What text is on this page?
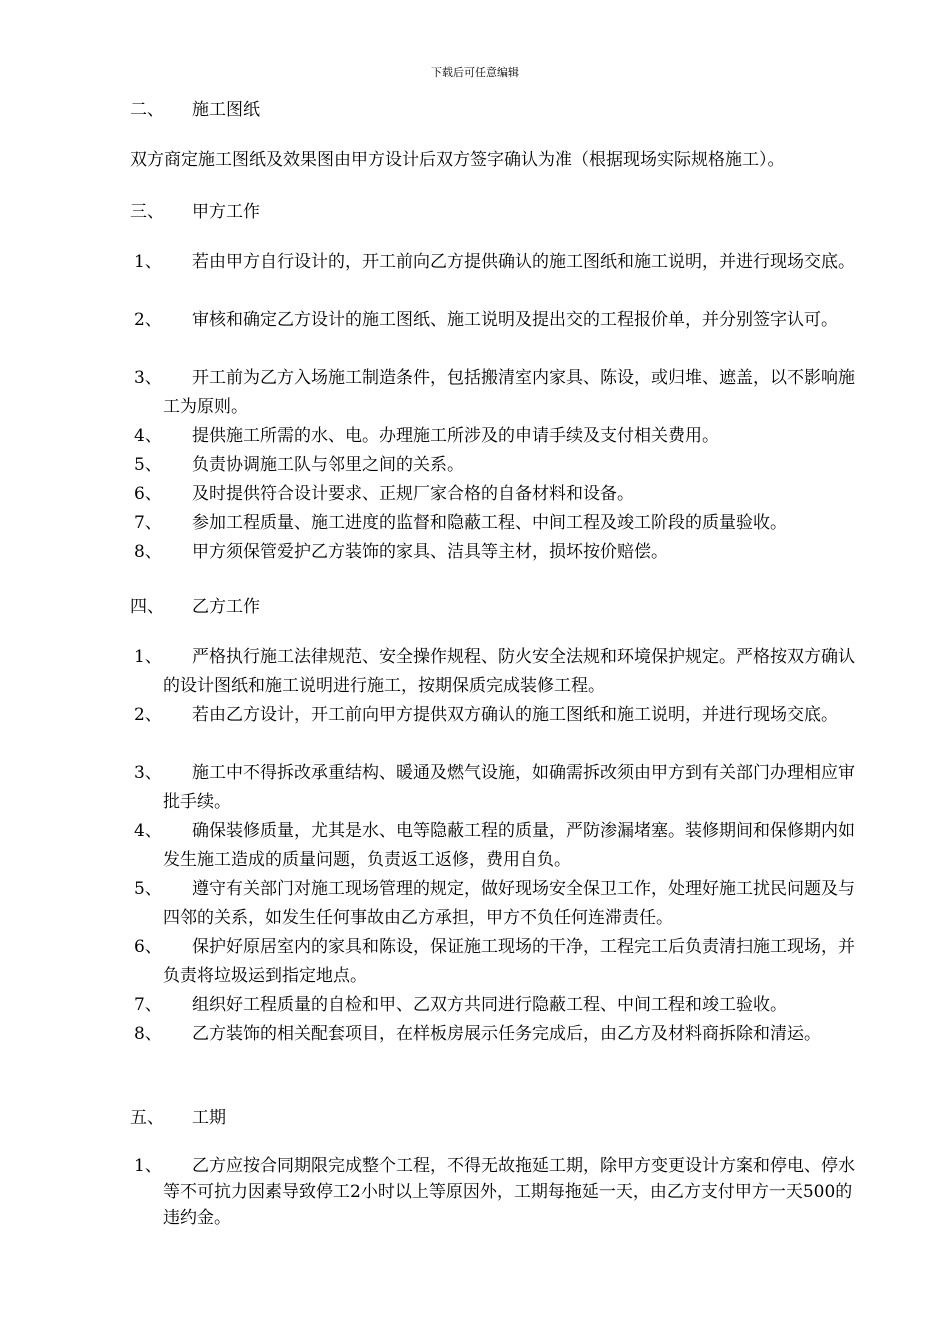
下载后可任意编辑
二、 施工图纸
双方商定施工图纸及效果图由甲方设计后双方签字确认为准（根据现场实际规格施工）。
三、 甲方工作
1、	若由甲方自行设计的，开工前向乙方提供确认的施工图纸和施工说明，并进行现场交底。
2、	审核和确定乙方设计的施工图纸、施工说明及提出交的工程报价单，并分别签字认可。
3、	开工前为乙方入场施工制造条件，包括搬清室内家具、陈设，或归堆、遮盖，以不影响施工为原则。
4、	提供施工所需的水、电。办理施工所涉及的申请手续及支付相关费用。
5、	负责协调施工队与邻里之间的关系。
6、	及时提供符合设计要求、正规厂家合格的自备材料和设备。
7、	参加工程质量、施工进度的监督和隐蔽工程、中间工程及竣工阶段的质量验收。
8、	甲方须保管爱护乙方装饰的家具、洁具等主材，损坏按价赔偿。
四、 乙方工作
1、	严格执行施工法律规范、安全操作规程、防火安全法规和环境保护规定。严格按双方确认的设计图纸和施工说明进行施工，按期保质完成装修工程。
2、	若由乙方设计，开工前向甲方提供双方确认的施工图纸和施工说明，并进行现场交底。
3、	施工中不得拆改承重结构、暖通及燃气设施，如确需拆改须由甲方到有关部门办理相应审批手续。
4、	确保装修质量，尤其是水、电等隐蔽工程的质量，严防渗漏堵塞。装修期间和保修期内如发生施工造成的质量问题，负责返工返修，费用自负。
5、	遵守有关部门对施工现场管理的规定，做好现场安全保卫工作，处理好施工扰民问题及与四邻的关系，如发生任何事故由乙方承担，甲方不负任何连滞责任。
6、	保护好原居室内的家具和陈设，保证施工现场的干净，工程完工后负责清扫施工现场，并负责将垃圾运到指定地点。
7、	组织好工程质量的自检和甲、乙双方共同进行隐蔽工程、中间工程和竣工验收。
8、	乙方装饰的相关配套项目，在样板房展示任务完成后，由乙方及材料商拆除和清运。
五、 工期
1、	乙方应按合同期限完成整个工程，不得无故拖延工期，除甲方变更设计方案和停电、停水等不可抗力因素导致停工2小时以上等原因外，工期每拖延一天，由乙方支付甲方一天500的违约金。
